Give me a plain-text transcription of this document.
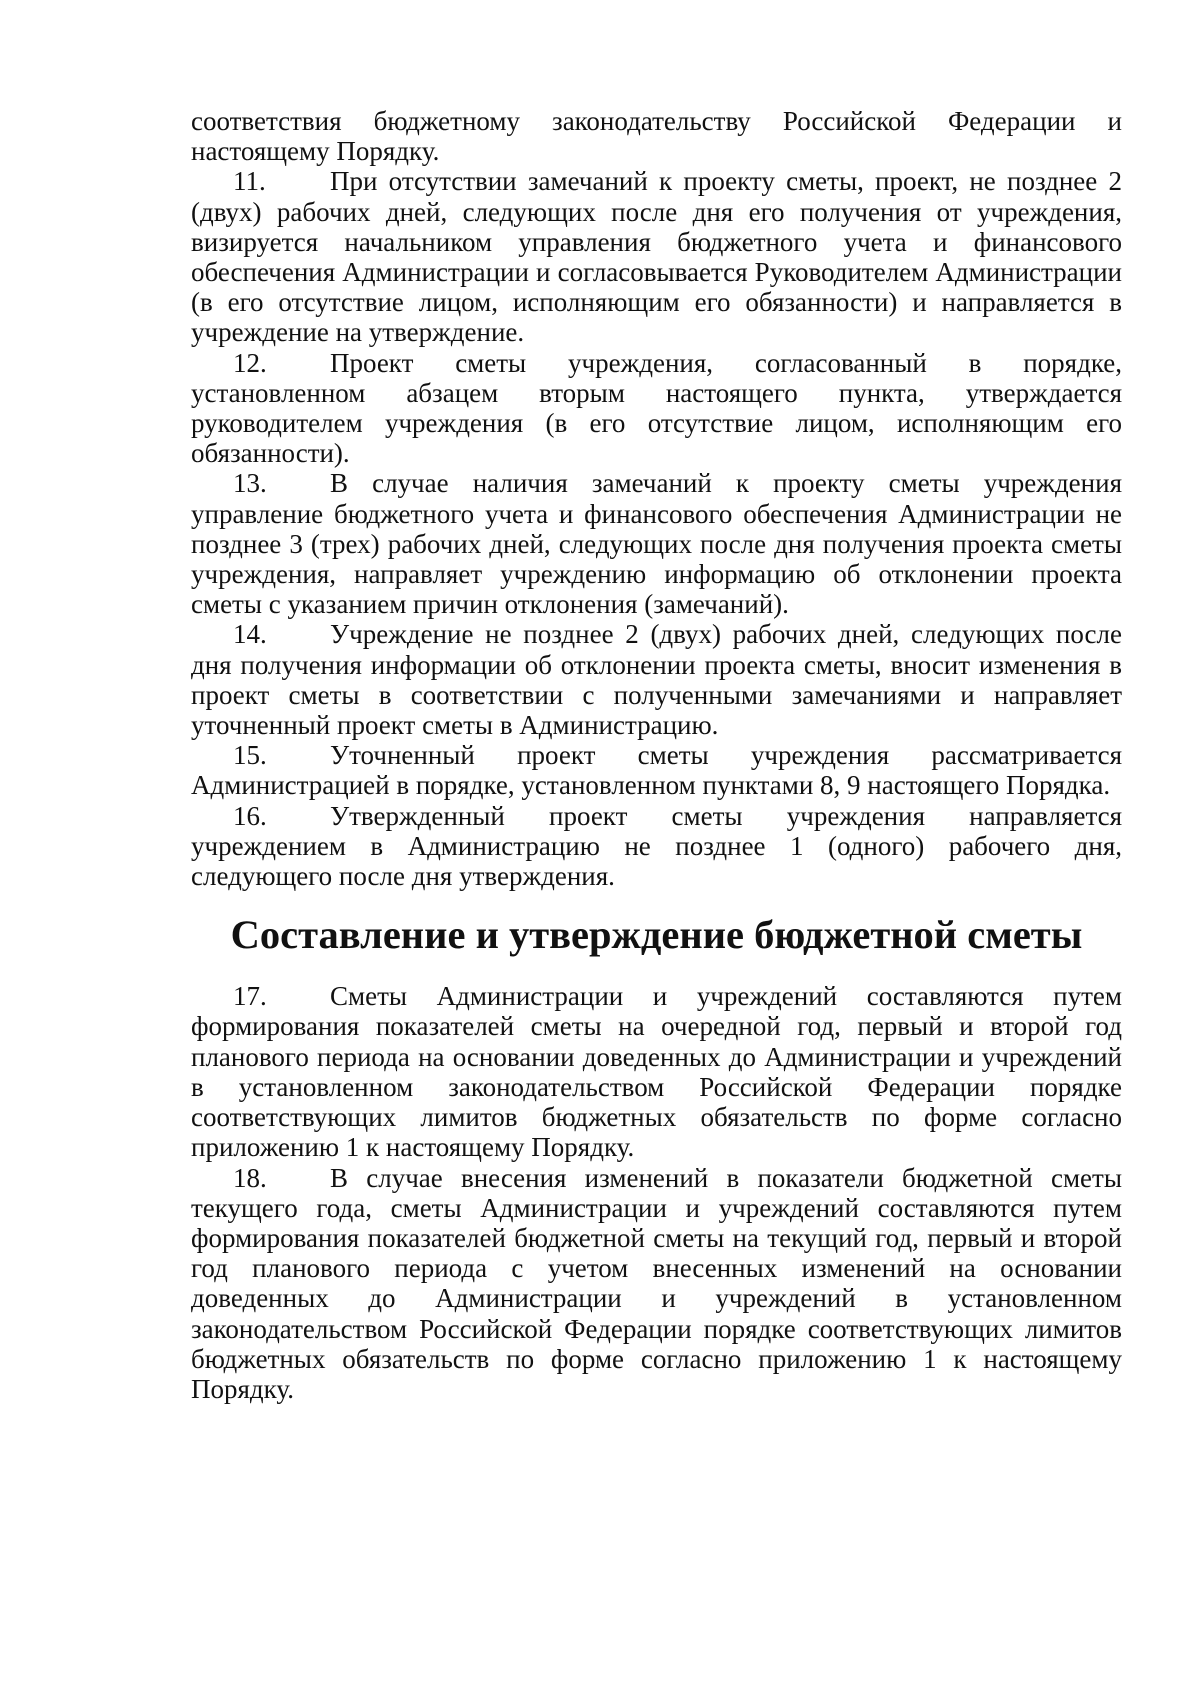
соответствия бюджетному законодательству Российской Федерации и настоящему Порядку.

11. При отсутствии замечаний к проекту сметы, проект, не позднее 2 (двух) рабочих дней, следующих после дня его получения от учреждения, визируется начальником управления бюджетного учета и финансового обеспечения Администрации и согласовывается Руководителем Администрации (в его отсутствие лицом, исполняющим его обязанности) и направляется в учреждение на утверждение.

12. Проект сметы учреждения, согласованный в порядке, установленном абзацем вторым настоящего пункта, утверждается руководителем учреждения (в его отсутствие лицом, исполняющим его обязанности).

13. В случае наличия замечаний к проекту сметы учреждения управление бюджетного учета и финансового обеспечения Администрации не позднее 3 (трех) рабочих дней, следующих после дня получения проекта сметы учреждения, направляет учреждению информацию об отклонении проекта сметы с указанием причин отклонения (замечаний).

14. Учреждение не позднее 2 (двух) рабочих дней, следующих после дня получения информации об отклонении проекта сметы, вносит изменения в проект сметы в соответствии с полученными замечаниями и направляет уточненный проект сметы в Администрацию.

15. Уточненный проект сметы учреждения рассматривается Администрацией в порядке, установленном пунктами 8, 9 настоящего Порядка.

16. Утвержденный проект сметы учреждения направляется учреждением в Администрацию не позднее 1 (одного) рабочего дня, следующего после дня утверждения.

Составление и утверждение бюджетной сметы

17. Сметы Администрации и учреждений составляются путем формирования показателей сметы на очередной год, первый и второй год планового периода на основании доведенных до Администрации и учреждений в установленном законодательством Российской Федерации порядке соответствующих лимитов бюджетных обязательств по форме согласно приложению 1 к настоящему Порядку.

18. В случае внесения изменений в показатели бюджетной сметы текущего года, сметы Администрации и учреждений составляются путем формирования показателей бюджетной сметы на текущий год, первый и второй год планового периода с учетом внесенных изменений на основании доведенных до Администрации и учреждений в установленном законодательством Российской Федерации порядке соответствующих лимитов бюджетных обязательств по форме согласно приложению 1 к настоящему Порядку.
